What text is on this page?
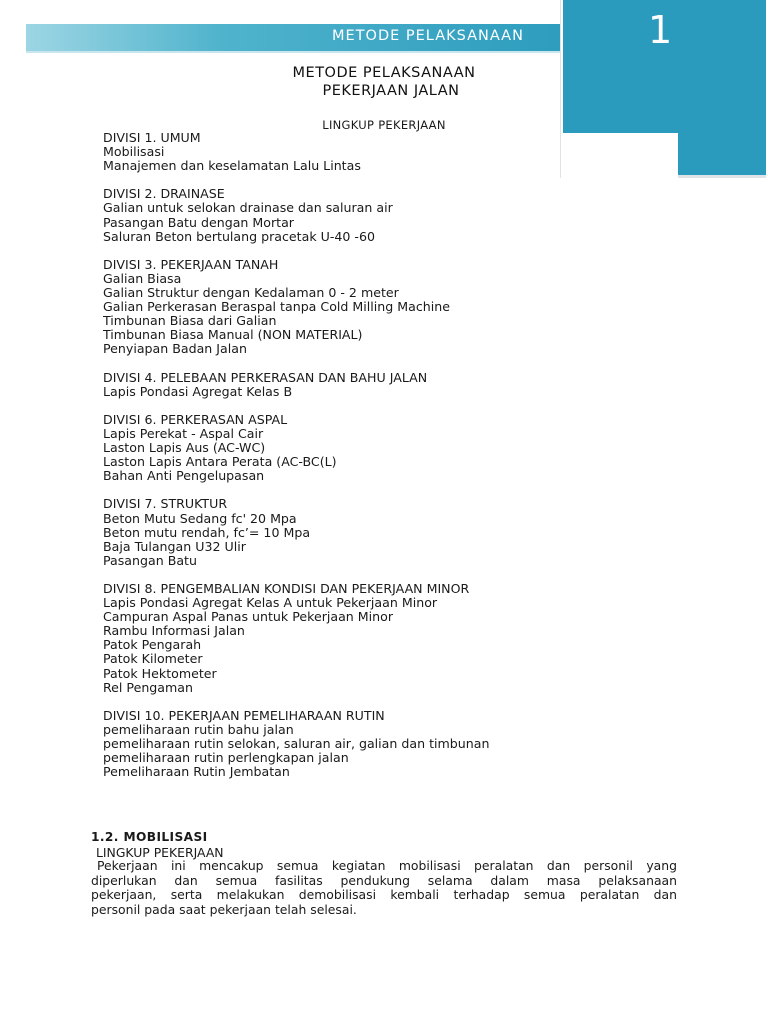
METODE PELAKSANAAN	1
METODE PELAKSANAAN
PEKERJAAN JALAN
LINGKUP PEKERJAAN
DIVISI 1. UMUM
Mobilisasi
Manajemen dan keselamatan Lalu Lintas
DIVISI 2. DRAINASE
Galian untuk selokan drainase dan saluran air
Pasangan Batu dengan Mortar
Saluran Beton bertulang pracetak U-40 -60
DIVISI 3. PEKERJAAN TANAH
Galian Biasa
Galian Struktur dengan Kedalaman 0 - 2 meter
Galian Perkerasan Beraspal tanpa Cold Milling Machine
Timbunan Biasa dari Galian
Timbunan Biasa Manual (NON MATERIAL)
Penyiapan Badan Jalan
DIVISI 4. PELEBAAN PERKERASAN DAN BAHU JALAN
Lapis Pondasi Agregat Kelas B
DIVISI 6. PERKERASAN ASPAL
Lapis Perekat - Aspal Cair
Laston Lapis Aus (AC-WC)
Laston Lapis Antara Perata (AC-BC(L)
Bahan Anti Pengelupasan
DIVISI 7. STRUKTUR
Beton Mutu Sedang fc' 20 Mpa
Beton mutu rendah, fc’= 10 Mpa
Baja Tulangan U32 Ulir
Pasangan Batu
DIVISI 8. PENGEMBALIAN KONDISI DAN PEKERJAAN MINOR
Lapis Pondasi Agregat Kelas A untuk Pekerjaan Minor
Campuran Aspal Panas untuk Pekerjaan Minor
Rambu Informasi Jalan
Patok Pengarah
Patok Kilometer
Patok Hektometer
Rel Pengaman
DIVISI 10. PEKERJAAN PEMELIHARAAN RUTIN
pemeliharaan rutin bahu jalan
pemeliharaan rutin selokan, saluran air, galian dan timbunan
pemeliharaan rutin perlengkapan jalan
Pemeliharaan Rutin Jembatan
1.2. MOBILISASI
LINGKUP PEKERJAAN
Pekerjaan ini mencakup semua kegiatan mobilisasi peralatan dan personil yang
diperlukan dan semua fasilitas pendukung selama dalam masa pelaksanaan
pekerjaan, serta melakukan demobilisasi kembali terhadap semua peralatan dan
personil pada saat pekerjaan telah selesai.
